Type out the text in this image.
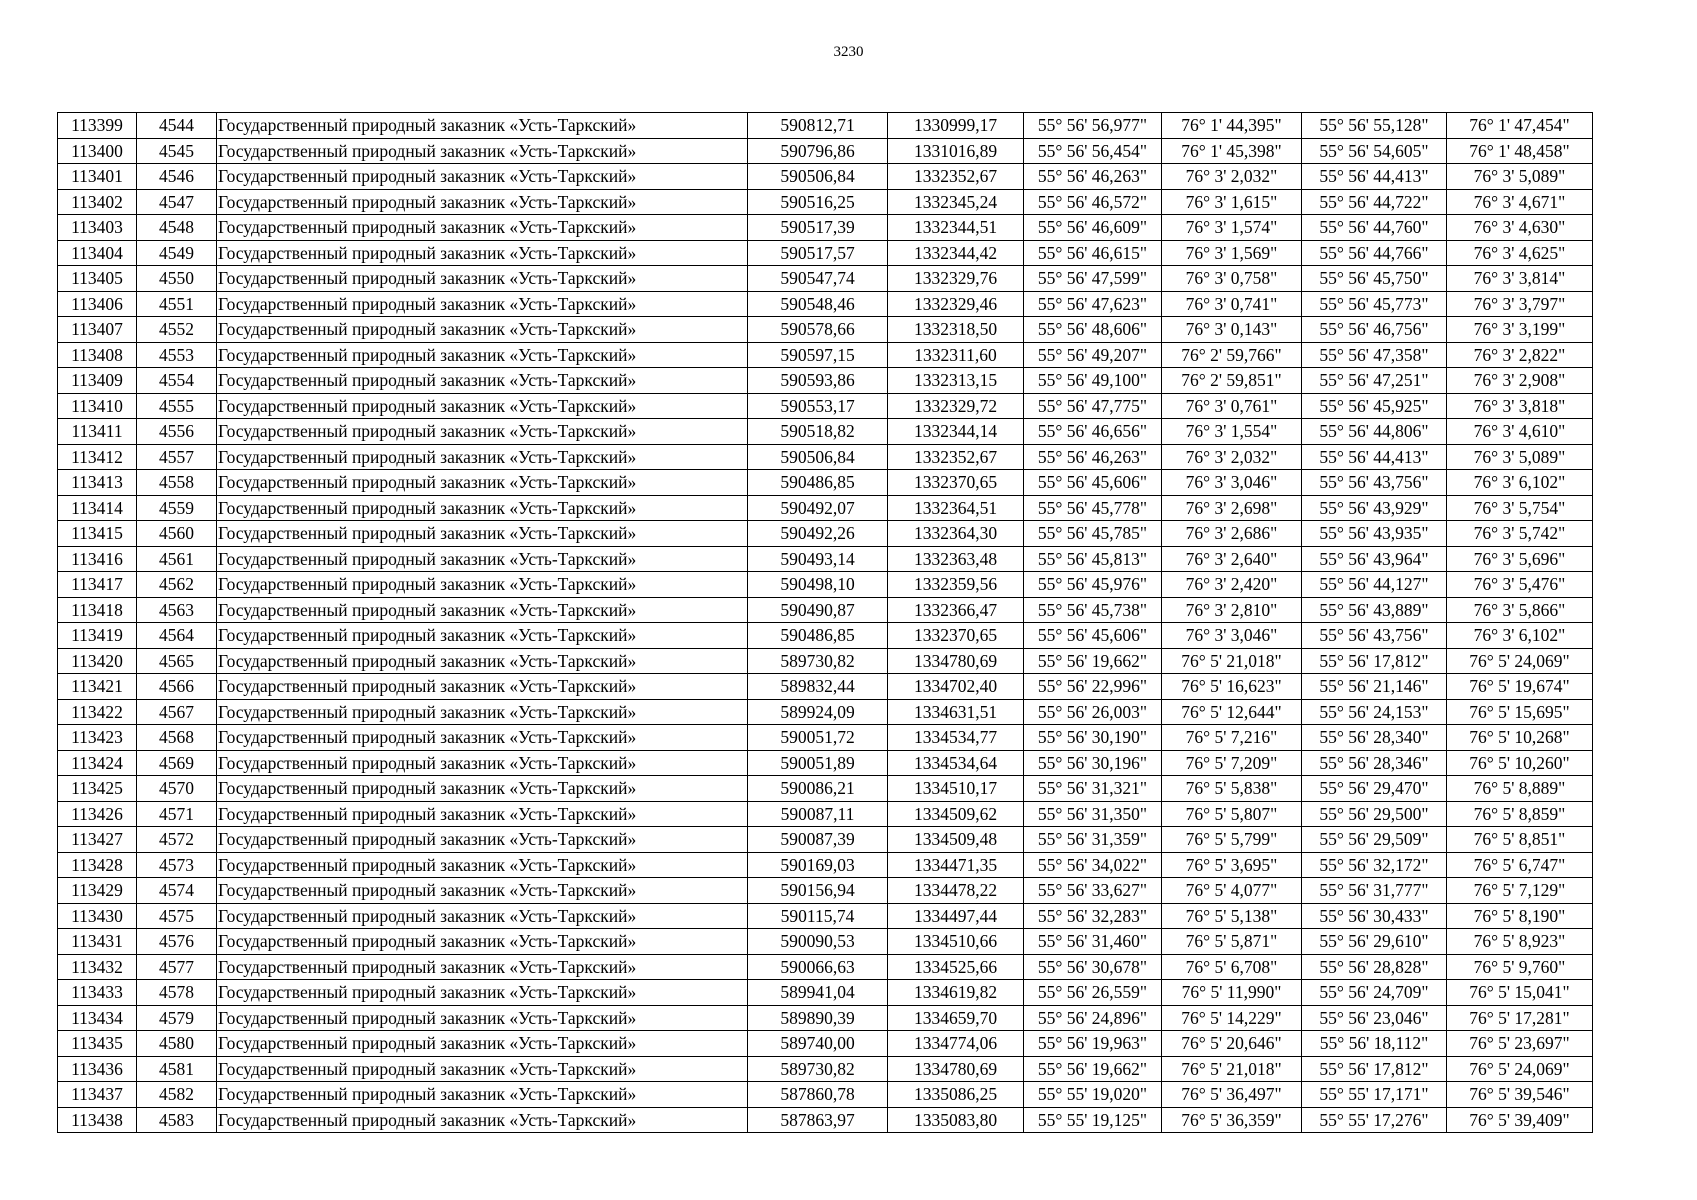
3230
113399	4544	Государственный природный заказник «Усть-Таркский»	590812,71	1330999,17	55° 56' 56,977"	76° 1' 44,395"	55° 56' 55,128"	76° 1' 47,454"
113400	4545	Государственный природный заказник «Усть-Таркский»	590796,86	1331016,89	55° 56' 56,454"	76° 1' 45,398"	55° 56' 54,605"	76° 1' 48,458"
113401	4546	Государственный природный заказник «Усть-Таркский»	590506,84	1332352,67	55° 56' 46,263"	76° 3' 2,032"	55° 56' 44,413"	76° 3' 5,089"
113402	4547	Государственный природный заказник «Усть-Таркский»	590516,25	1332345,24	55° 56' 46,572"	76° 3' 1,615"	55° 56' 44,722"	76° 3' 4,671"
113403	4548	Государственный природный заказник «Усть-Таркский»	590517,39	1332344,51	55° 56' 46,609"	76° 3' 1,574"	55° 56' 44,760"	76° 3' 4,630"
113404	4549	Государственный природный заказник «Усть-Таркский»	590517,57	1332344,42	55° 56' 46,615"	76° 3' 1,569"	55° 56' 44,766"	76° 3' 4,625"
113405	4550	Государственный природный заказник «Усть-Таркский»	590547,74	1332329,76	55° 56' 47,599"	76° 3' 0,758"	55° 56' 45,750"	76° 3' 3,814"
113406	4551	Государственный природный заказник «Усть-Таркский»	590548,46	1332329,46	55° 56' 47,623"	76° 3' 0,741"	55° 56' 45,773"	76° 3' 3,797"
113407	4552	Государственный природный заказник «Усть-Таркский»	590578,66	1332318,50	55° 56' 48,606"	76° 3' 0,143"	55° 56' 46,756"	76° 3' 3,199"
113408	4553	Государственный природный заказник «Усть-Таркский»	590597,15	1332311,60	55° 56' 49,207"	76° 2' 59,766"	55° 56' 47,358"	76° 3' 2,822"
113409	4554	Государственный природный заказник «Усть-Таркский»	590593,86	1332313,15	55° 56' 49,100"	76° 2' 59,851"	55° 56' 47,251"	76° 3' 2,908"
113410	4555	Государственный природный заказник «Усть-Таркский»	590553,17	1332329,72	55° 56' 47,775"	76° 3' 0,761"	55° 56' 45,925"	76° 3' 3,818"
113411	4556	Государственный природный заказник «Усть-Таркский»	590518,82	1332344,14	55° 56' 46,656"	76° 3' 1,554"	55° 56' 44,806"	76° 3' 4,610"
113412	4557	Государственный природный заказник «Усть-Таркский»	590506,84	1332352,67	55° 56' 46,263"	76° 3' 2,032"	55° 56' 44,413"	76° 3' 5,089"
113413	4558	Государственный природный заказник «Усть-Таркский»	590486,85	1332370,65	55° 56' 45,606"	76° 3' 3,046"	55° 56' 43,756"	76° 3' 6,102"
113414	4559	Государственный природный заказник «Усть-Таркский»	590492,07	1332364,51	55° 56' 45,778"	76° 3' 2,698"	55° 56' 43,929"	76° 3' 5,754"
113415	4560	Государственный природный заказник «Усть-Таркский»	590492,26	1332364,30	55° 56' 45,785"	76° 3' 2,686"	55° 56' 43,935"	76° 3' 5,742"
113416	4561	Государственный природный заказник «Усть-Таркский»	590493,14	1332363,48	55° 56' 45,813"	76° 3' 2,640"	55° 56' 43,964"	76° 3' 5,696"
113417	4562	Государственный природный заказник «Усть-Таркский»	590498,10	1332359,56	55° 56' 45,976"	76° 3' 2,420"	55° 56' 44,127"	76° 3' 5,476"
113418	4563	Государственный природный заказник «Усть-Таркский»	590490,87	1332366,47	55° 56' 45,738"	76° 3' 2,810"	55° 56' 43,889"	76° 3' 5,866"
113419	4564	Государственный природный заказник «Усть-Таркский»	590486,85	1332370,65	55° 56' 45,606"	76° 3' 3,046"	55° 56' 43,756"	76° 3' 6,102"
113420	4565	Государственный природный заказник «Усть-Таркский»	589730,82	1334780,69	55° 56' 19,662"	76° 5' 21,018"	55° 56' 17,812"	76° 5' 24,069"
113421	4566	Государственный природный заказник «Усть-Таркский»	589832,44	1334702,40	55° 56' 22,996"	76° 5' 16,623"	55° 56' 21,146"	76° 5' 19,674"
113422	4567	Государственный природный заказник «Усть-Таркский»	589924,09	1334631,51	55° 56' 26,003"	76° 5' 12,644"	55° 56' 24,153"	76° 5' 15,695"
113423	4568	Государственный природный заказник «Усть-Таркский»	590051,72	1334534,77	55° 56' 30,190"	76° 5' 7,216"	55° 56' 28,340"	76° 5' 10,268"
113424	4569	Государственный природный заказник «Усть-Таркский»	590051,89	1334534,64	55° 56' 30,196"	76° 5' 7,209"	55° 56' 28,346"	76° 5' 10,260"
113425	4570	Государственный природный заказник «Усть-Таркский»	590086,21	1334510,17	55° 56' 31,321"	76° 5' 5,838"	55° 56' 29,470"	76° 5' 8,889"
113426	4571	Государственный природный заказник «Усть-Таркский»	590087,11	1334509,62	55° 56' 31,350"	76° 5' 5,807"	55° 56' 29,500"	76° 5' 8,859"
113427	4572	Государственный природный заказник «Усть-Таркский»	590087,39	1334509,48	55° 56' 31,359"	76° 5' 5,799"	55° 56' 29,509"	76° 5' 8,851"
113428	4573	Государственный природный заказник «Усть-Таркский»	590169,03	1334471,35	55° 56' 34,022"	76° 5' 3,695"	55° 56' 32,172"	76° 5' 6,747"
113429	4574	Государственный природный заказник «Усть-Таркский»	590156,94	1334478,22	55° 56' 33,627"	76° 5' 4,077"	55° 56' 31,777"	76° 5' 7,129"
113430	4575	Государственный природный заказник «Усть-Таркский»	590115,74	1334497,44	55° 56' 32,283"	76° 5' 5,138"	55° 56' 30,433"	76° 5' 8,190"
113431	4576	Государственный природный заказник «Усть-Таркский»	590090,53	1334510,66	55° 56' 31,460"	76° 5' 5,871"	55° 56' 29,610"	76° 5' 8,923"
113432	4577	Государственный природный заказник «Усть-Таркский»	590066,63	1334525,66	55° 56' 30,678"	76° 5' 6,708"	55° 56' 28,828"	76° 5' 9,760"
113433	4578	Государственный природный заказник «Усть-Таркский»	589941,04	1334619,82	55° 56' 26,559"	76° 5' 11,990"	55° 56' 24,709"	76° 5' 15,041"
113434	4579	Государственный природный заказник «Усть-Таркский»	589890,39	1334659,70	55° 56' 24,896"	76° 5' 14,229"	55° 56' 23,046"	76° 5' 17,281"
113435	4580	Государственный природный заказник «Усть-Таркский»	589740,00	1334774,06	55° 56' 19,963"	76° 5' 20,646"	55° 56' 18,112"	76° 5' 23,697"
113436	4581	Государственный природный заказник «Усть-Таркский»	589730,82	1334780,69	55° 56' 19,662"	76° 5' 21,018"	55° 56' 17,812"	76° 5' 24,069"
113437	4582	Государственный природный заказник «Усть-Таркский»	587860,78	1335086,25	55° 55' 19,020"	76° 5' 36,497"	55° 55' 17,171"	76° 5' 39,546"
113438	4583	Государственный природный заказник «Усть-Таркский»	587863,97	1335083,80	55° 55' 19,125"	76° 5' 36,359"	55° 55' 17,276"	76° 5' 39,409"
